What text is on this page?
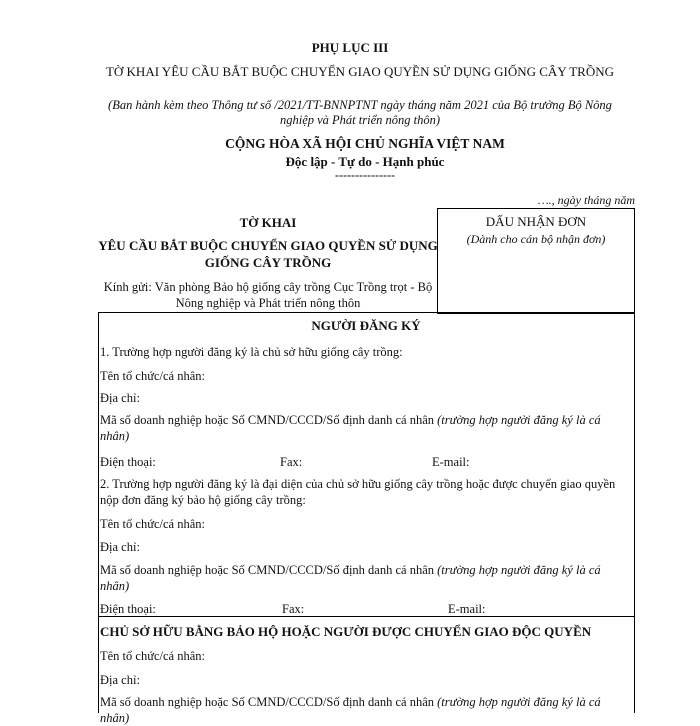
PHỤ LỤC III
TỜ KHAI YÊU CẦU BẮT BUỘC CHUYỂN GIAO QUYỀN SỬ DỤNG GIỐNG CÂY TRỒNG
(Ban hành kèm theo Thông tư số /2021/TT-BNNPTNT ngày tháng năm 2021 của Bộ trưởng Bộ Nông nghiệp và Phát triển nông thôn)
CỘNG HÒA XÃ HỘI CHỦ NGHĨA VIỆT NAM
Độc lập - Tự do - Hạnh phúc
---------------
…., ngày tháng năm
DẤU NHẬN ĐƠN
(Dành cho cán bộ nhận đơn)
TỜ KHAI
YÊU CẦU BẮT BUỘC CHUYỂN GIAO QUYỀN SỬ DỤNG GIỐNG CÂY TRỒNG
Kính gửi: Văn phòng Bảo hộ giống cây trồng Cục Trồng trọt - Bộ Nông nghiệp và Phát triển nông thôn
NGƯỜI ĐĂNG KÝ
1. Trường hợp người đăng ký là chủ sở hữu giống cây trồng:
Tên tổ chức/cá nhân:
Địa chỉ:
Mã số doanh nghiệp hoặc Số CMND/CCCD/Số định danh cá nhân (trường hợp người đăng ký là cá nhân)
Điện thoại:	Fax:	E-mail:
2. Trường hợp người đăng ký là đại diện của chủ sở hữu giống cây trồng hoặc được chuyển giao quyền nộp đơn đăng ký bảo hộ giống cây trồng:
Tên tổ chức/cá nhân:
Địa chỉ:
Mã số doanh nghiệp hoặc Số CMND/CCCD/Số định danh cá nhân (trường hợp người đăng ký là cá nhân)
Điện thoại:	Fax:	E-mail:
CHỦ SỞ HỮU BẰNG BẢO HỘ HOẶC NGƯỜI ĐƯỢC CHUYỂN GIAO ĐỘC QUYỀN
Tên tổ chức/cá nhân:
Địa chỉ:
Mã số doanh nghiệp hoặc Số CMND/CCCD/Số định danh cá nhân (trường hợp người đăng ký là cá nhân)
